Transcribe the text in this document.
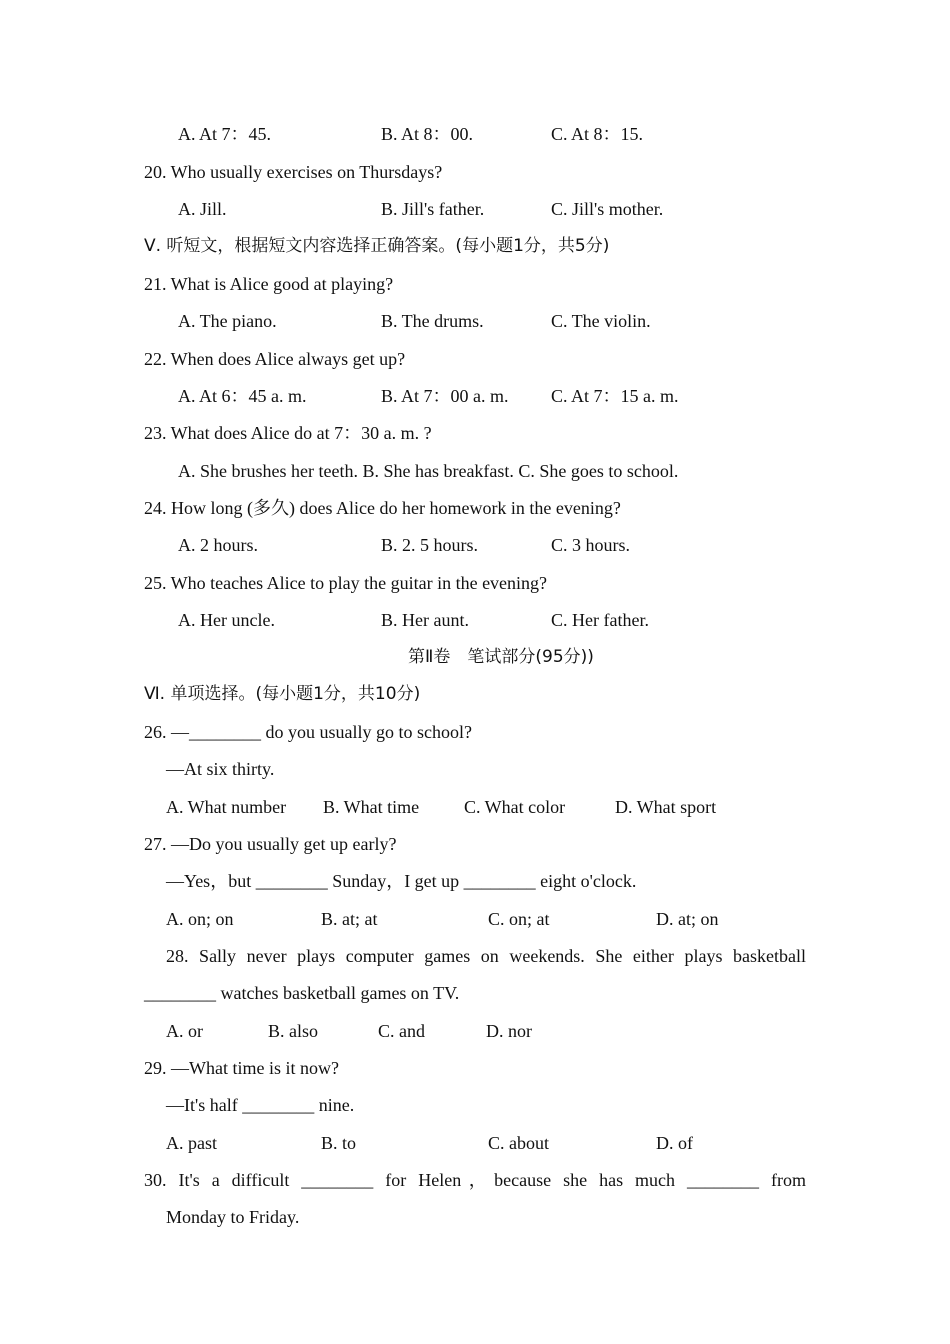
A. At 7：45.	B. At 8：00.	C. At 8：15.
20. Who usually exercises on Thursdays?
A. Jill.	B. Jill's father.	C. Jill's mother.
Ⅴ. 听短文，根据短文内容选择正确答案。(每小题1分，共5分)
21. What is Alice good at playing?
A. The piano.	B. The drums.	C. The violin.
22. When does Alice always get up?
A. At 6：45 a. m.	B. At 7：00 a. m. C. At 7：15 a. m.
23. What does Alice do at 7：30 a. m. ?
A. She brushes her teeth. B. She has breakfast. C. She goes to school.
24. How long (多久) does Alice do her homework in the evening?
A. 2 hours.	B. 2. 5 hours.	C. 3 hours.
25. Who teaches Alice to play the guitar in the evening?
A. Her uncle.	B. Her aunt.	C. Her father.
第Ⅱ卷　笔试部分(95分))
Ⅵ. 单项选择。(每小题1分，共10分)
26. —________ do you usually go to school?
—At six thirty.
A. What number B. What time C. What color	D. What sport
27. —Do you usually get up early?
—Yes，but ________ Sunday，I get up ________ eight o'clock.
A. on; on	B. at; at	C. on; at	D. at; on
28. Sally never plays computer games on weekends. She either plays basketball
________ watches basketball games on TV.
A. or	B. also	C. and	D. nor
29. —What time is it now?
—It's half ________ nine.
A. past	B. to	C. about	D. of
30. It's a difficult ________ for Helen，because she has much ________ from
Monday to Friday.
